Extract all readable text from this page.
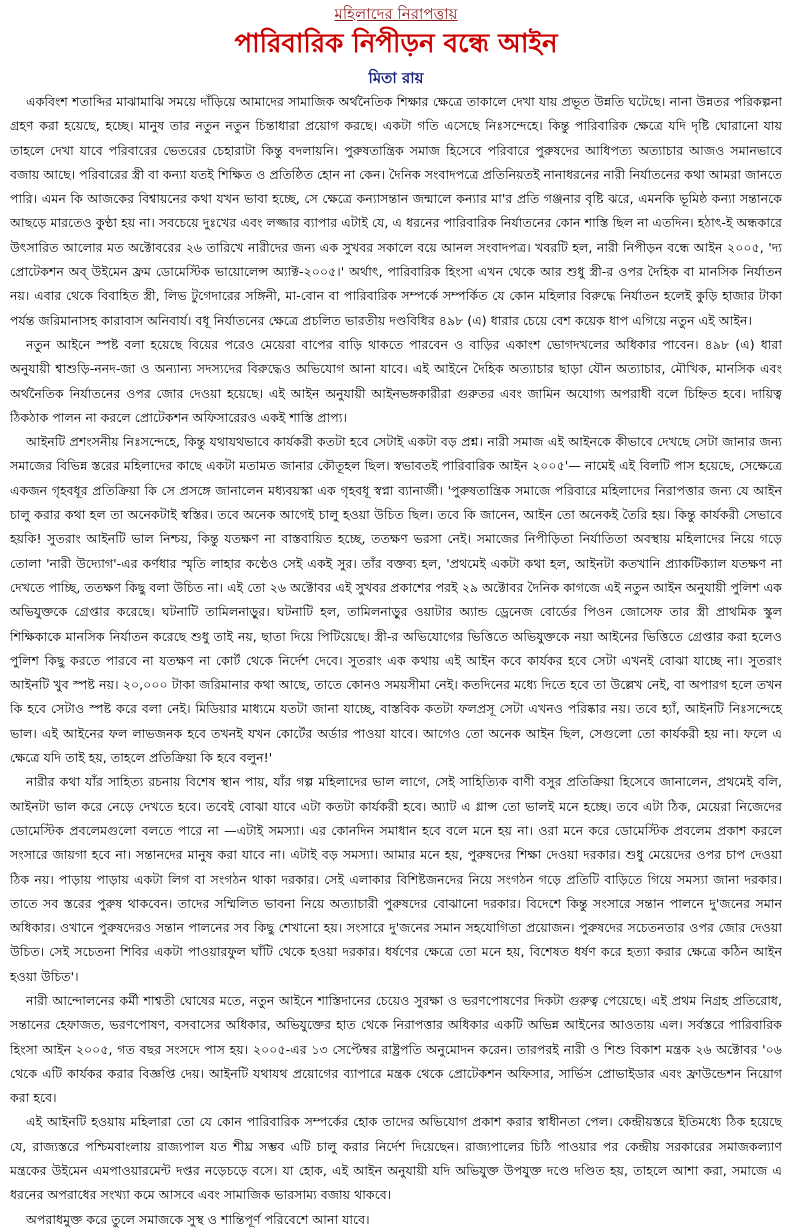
মহিলাদের নিরাপত্তায়
পারিবারিক নিপীড়ন বন্ধে আইন
মিতা রায়

একবিংশ শতাব্দির মাঝামাঝি সময়ে দাঁড়িয়ে আমাদের সামাজিক অর্থনৈতিক শিক্ষার ক্ষেত্রে তাকালে দেখা যায় প্রভূত উন্নতি ঘটেছে। নানা উন্নতর পরিকল্পনা গ্রহণ করা হয়েছে, হচ্ছে। মানুষ তার নতুন নতুন চিন্তাধারা প্রয়োগ করছে। একটা গতি এসেছে নিঃসন্দেহে। কিন্তু পারিবারিক ক্ষেত্রে যদি দৃষ্টি ঘোরানো যায় তাহলে দেখা যাবে পরিবারের ভেতরের চেহারাটা কিন্তু বদলায়নি। পুরুষতান্ত্রিক সমাজ হিসেবে পরিবারে পুরুষদের আধিপত্য অত্যাচার আজও সমানভাবে বজায় আছে। পরিবারের স্ত্রী বা কন্যা যতই শিক্ষিত ও প্রতিষ্ঠিত হোন না কেন। দৈনিক সংবাদপত্রে প্রতিনিয়তই নানাধরনের নারী নির্যাতনের কথা আমরা জানতে পারি। এমন কি আজকের বিশ্বায়নের কথা যখন ভাবা হচ্ছে, সে ক্ষেত্রে কন্যাসন্তান জন্মালে কন্যার মা'র প্রতি গঞ্জনার বৃষ্টি ঝরে, এমনকি ভূমিষ্ঠ কন্যা সন্তানকে আছড়ে মারতেও কুণ্ঠা হয় না। সবচেয়ে দুঃখের এবং লজ্জার ব্যাপার এটাই যে, এ ধরনের পারিবারিক নির্যাতনের কোন শাস্তি ছিল না এতদিন। হঠাৎ-ই অন্ধকারে উৎসারিত আলোর মত অক্টোবরের ২৬ তারিখে নারীদের জন্য এক সুখবর সকালে বয়ে আনল সংবাদপত্র। খবরটি হল, নারী নিপীড়ন বন্ধে আইন ২০০৫, 'দ্য প্রোটেকশন অব্ উইমেন ফ্রম ডোমেস্টিক ভায়োলেন্স অ্যাক্ট-২০০৫।' অর্থাৎ, পারিবারিক হিংসা এখন থেকে আর শুধু স্ত্রী-র ওপর দৈহিক বা মানসিক নির্যাতন নয়। এবার থেকে বিবাহিত স্ত্রী, লিভ টুগেদারের সঙ্গিনী, মা-বোন বা পারিবারিক সম্পর্কে সম্পর্কিত যে কোন মহিলার বিরুদ্ধে নির্যাতন হলেই কুড়ি হাজার টাকা পর্যন্ত জরিমানাসহ কারাবাস অনিবার্য। বধূ নির্যাতনের ক্ষেত্রে প্রচলিত ভারতীয় দণ্ডবিধির ৪৯৮ (এ) ধারার চেয়ে বেশ কয়েক ধাপ এগিয়ে নতুন এই আইন।

নতুন আইনে স্পষ্ট বলা হয়েছে বিয়ের পরেও মেয়েরা বাপের বাড়ি থাকতে পারবেন ও বাড়ির একাংশ ভোগদখলের অধিকার পাবেন। ৪৯৮ (এ) ধারা অনুযায়ী শ্বাশুড়ি-ননদ-জা ও অন্যান্য সদস্যদের বিরুদ্ধেও অভিযোগ আনা যাবে। এই আইনে দৈহিক অত্যাচার ছাড়া যৌন অত্যাচার, মৌখিক, মানসিক এবং অর্থনৈতিক নির্যাতনের ওপর জোর দেওয়া হয়েছে। এই আইন অনুযায়ী আইনভঙ্গকারীরা গুরুতর এবং জামিন অযোগ্য অপরাধী বলে চিহ্নিত হবে। দায়িত্ব ঠিকঠাক পালন না করলে প্রোটেকশন অফিসারেরও একই শাস্তি প্রাপ্য।

আইনটি প্রশংসনীয় নিঃসন্দেহে, কিন্তু যথাযথভাবে কার্যকরী কতটা হবে সেটাই একটা বড় প্রশ্ন। নারী সমাজ এই আইনকে কীভাবে দেখছে সেটা জানার জন্য সমাজের বিভিন্ন স্তরের মহিলাদের কাছে একটা মতামত জানার কৌতূহল ছিল। স্বভাবতই পারিবারিক আইন ২০০৫'— নামেই এই বিলটি পাস হয়েছে, সেক্ষেত্রে একজন গৃহবধূর প্রতিক্রিয়া কি সে প্রসঙ্গে জানালেন মধ্যবয়স্কা এক গৃহবধূ স্বপ্না ব্যানার্জী। 'পুরুষতান্ত্রিক সমাজে পরিবারে মহিলাদের নিরাপত্তার জন্য যে আইন চালু করার কথা হল তা অনেকটাই স্বস্তির। তবে অনেক আগেই চালু হওয়া উচিত ছিল। তবে কি জানেন, আইন তো অনেকই তৈরি হয়। কিন্তু কার্যকরী সেভাবে হয়কি! সুতরাং আইনটি ভাল নিশ্চয়, কিন্তু যতক্ষণ না বাস্তবায়িত হচ্ছে, ততক্ষণ ভরসা নেই। সমাজের নিপীড়িতা নির্যাতিতা অবস্থায় মহিলাদের নিয়ে গড়ে তোলা 'নারী উদ্যোগ'-এর কর্ণধার স্মৃতি লাহার কণ্ঠেও সেই একই সুর। তাঁর বক্তব্য হল, 'প্রথমেই একটা কথা হল, আইনটা কতখানি প্র্যাকটিক্যাল যতক্ষণ না দেখতে পাচ্ছি, ততক্ষণ কিছু বলা উচিত না। এই তো ২৬ অক্টোবর এই সুখবর প্রকাশের পরই ২৯ অক্টোবর দৈনিক কাগজে এই নতুন আইন অনুযায়ী পুলিশ এক অভিযুক্তকে গ্রেপ্তার করেছে। ঘটনাটি তামিলনাড়ুর। ঘটনাটি হল, তামিলনাড়ুর ওয়াটার অ্যান্ড ড্রেনেজ বোর্ডের পিওন জোসেফ তার স্ত্রী প্রাথমিক স্কুল শিক্ষিকাকে মানসিক নির্যাতন করেছে শুধু তাই নয়, ছাতা দিয়ে পিটিয়েছে। স্ত্রী-র অভিযোগের ভিত্তিতে অভিযুক্তকে নয়া আইনের ভিত্তিতে গ্রেপ্তার করা হলেও পুলিশ কিছু করতে পারবে না যতক্ষণ না কোর্ট থেকে নির্দেশ দেবে। সুতরাং এক কথায় এই আইন কবে কার্যকর হবে সেটা এখনই বোঝা যাচ্ছে না। সুতরাং আইনটি খুব স্পষ্ট নয়। ২০,০০০ টাকা জরিমানার কথা আছে, তাতে কোনও সময়সীমা নেই। কতদিনের মধ্যে দিতে হবে তা উল্লেখ নেই, বা অপারগ হলে তখন কি হবে সেটাও স্পষ্ট করে বলা নেই। মিডিয়ার মাধ্যমে যতটা জানা যাচ্ছে, বাস্তবিক কতটা ফলপ্রসূ সেটা এখনও পরিষ্কার নয়। তবে হ্যাঁ, আইনটি নিঃসন্দেহে ভাল। এই আইনের ফল লাভজনক হবে তখনই যখন কোর্টের অর্ডার পাওয়া যাবে। আগেও তো অনেক আইন ছিল, সেগুলো তো কার্যকরী হয় না। ফলে এ ক্ষেত্রে যদি তাই হয়, তাহলে প্রতিক্রিয়া কি হবে বলুন!'

নারীর কথা যাঁর সাহিত্য রচনায় বিশেষ স্থান পায়, যাঁর গল্প মহিলাদের ভাল লাগে, সেই সাহিত্যিক বাণী বসুর প্রতিক্রিয়া হিসেবে জানালেন, প্রথমেই বলি, আইনটা ভাল করে নেড়ে দেখতে হবে। তবেই বোঝা যাবে এটা কতটা কার্যকরী হবে। অ্যাট এ গ্লান্স তো ভালই মনে হচ্ছে। তবে এটা ঠিক, মেয়েরা নিজেদের ডোমেস্টিক প্রবলেমগুলো বলতে পারে না —এটাই সমস্যা। এর কোনদিন সমাধান হবে বলে মনে হয় না। ওরা মনে করে ডোমেস্টিক প্রবলেম প্রকাশ করলে সংসারে জায়গা হবে না। সন্তানদের মানুষ করা যাবে না। এটাই বড় সমস্যা। আমার মনে হয়, পুরুষদের শিক্ষা দেওয়া দরকার। শুধু মেয়েদের ওপর চাপ দেওয়া ঠিক নয়। পাড়ায় পাড়ায় একটা লিগ বা সংগঠন থাকা দরকার। সেই এলাকার বিশিষ্টজনদের নিয়ে সংগঠন গড়ে প্রতিটি বাড়িতে গিয়ে সমস্যা জানা দরকার। তাতে সব স্তরের পুরুষ থাকবেন। তাদের সম্মিলিত ভাবনা নিয়ে অত্যাচারী পুরুষদের বোঝানো দরকার। বিদেশে কিন্তু সংসারে সন্তান পালনে দু'জনের সমান অধিকার। ওখানে পুরুষদেরও সন্তান পালনের সব কিছু শেখানো হয়। সংসারে দু'জনের সমান সহযোগিতা প্রয়োজন। পুরুষদের সচেতনতার ওপর জোর দেওয়া উচিত। সেই সচেতনা শিবির একটা পাওয়ারফুল ঘাঁটি থেকে হওয়া দরকার। ধর্ষণের ক্ষেত্রে তো মনে হয়, বিশেষত ধর্ষণ করে হত্যা করার ক্ষেত্রে কঠিন আইন হওয়া উচিত'।

নারী আন্দোলনের কর্মী শাশ্বতী ঘোষের মতে, নতুন আইনে শাস্তিদানের চেয়েও সুরক্ষা ও ভরণপোষণের দিকটা গুরুত্ব পেয়েছে। এই প্রথম নিগ্রহ প্রতিরোধ, সন্তানের হেফাজত, ভরণপোষণ, বসবাসের অধিকার, অভিযুক্তের হাত থেকে নিরাপত্তার অধিকার একটি অভিন্ন আইনের আওতায় এল। সর্বস্তরে পারিবারিক হিংসা আইন ২০০৫, গত বছর সংসদে পাস হয়। ২০০৫-এর ১৩ সেপ্টেম্বর রাষ্ট্রপতি অনুমোদন করেন। তারপরই নারী ও শিশু বিকাশ মন্ত্রক ২৬ অক্টোবর '০৬ থেকে এটি কার্যকর করার বিজ্ঞপ্তি দেয়। আইনটি যথাযথ প্রয়োগের ব্যাপারে মন্ত্রক থেকে প্রোটেকশন অফিসার, সার্ভিস প্রোভাইডার এবং ফ্রাউন্ডেশন নিয়োগ করা হবে।

এই আইনটি হওয়ায় মহিলারা তো যে কোন পারিবারিক সম্পর্কের হোক তাদের অভিযোগ প্রকাশ করার স্বাধীনতা পেল। কেন্দ্রীয়স্তরে ইতিমধ্যে ঠিক হয়েছে যে, রাজ্যস্তরে পশ্চিমবাংলায় রাজ্যপাল যত শীঘ্র সম্ভব এটি চালু করার নির্দেশ দিয়েছেন। রাজ্যপালের চিঠি পাওয়ার পর কেন্দ্রীয় সরকারের সমাজকল্যাণ মন্ত্রকের উইমেন এমপাওয়ারমেন্ট দপ্তর নড়েচড়ে বসে। যা হোক, এই আইন অনুযায়ী যদি অভিযুক্ত উপযুক্ত দণ্ডে দণ্ডিত হয়, তাহলে আশা করা, সমাজে এ ধরনের অপরাধের সংখ্যা কমে আসবে এবং সামাজিক ভারসাম্য বজায় থাকবে।

অপরাধমুক্ত করে তুলে সমাজকে সুস্থ ও শান্তিপূর্ণ পরিবেশে আনা যাবে।
